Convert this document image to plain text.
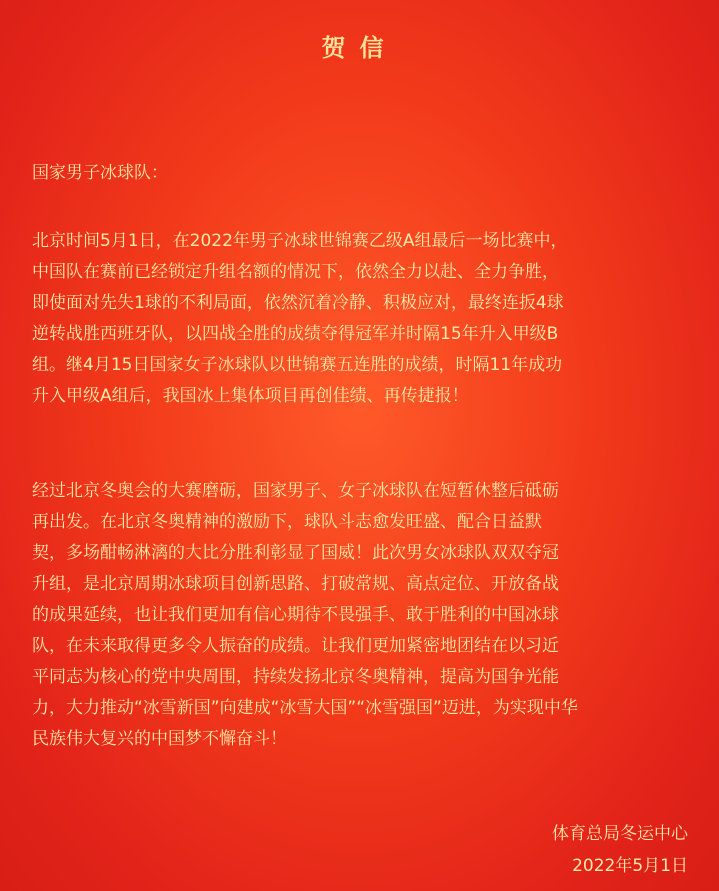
贺信
国家男子冰球队：
北京时间5月1日，在2022年男子冰球世锦赛乙级A组最后一场比赛中，
中国队在赛前已经锁定升组名额的情况下，依然全力以赴、全力争胜，
即使面对先失1球的不利局面，依然沉着冷静、积极应对，最终连扳4球
逆转战胜西班牙队，以四战全胜的成绩夺得冠军并时隔15年升入甲级B
组。继4月15日国家女子冰球队以世锦赛五连胜的成绩，时隔11年成功
升入甲级A组后，我国冰上集体项目再创佳绩、再传捷报！
经过北京冬奥会的大赛磨砺，国家男子、女子冰球队在短暂休整后砥砺
再出发。在北京冬奥精神的激励下，球队斗志愈发旺盛、配合日益默
契，多场酣畅淋漓的大比分胜利彰显了国威！此次男女冰球队双双夺冠
升组，是北京周期冰球项目创新思路、打破常规、高点定位、开放备战
的成果延续，也让我们更加有信心期待不畏强手、敢于胜利的中国冰球
队，在未来取得更多令人振奋的成绩。让我们更加紧密地团结在以习近
平同志为核心的党中央周围，持续发扬北京冬奥精神，提高为国争光能
力，大力推动“冰雪新国”向建成“冰雪大国”“冰雪强国”迈进，为实现中华
民族伟大复兴的中国梦不懈奋斗！
体育总局冬运中心
2022年5月1日
